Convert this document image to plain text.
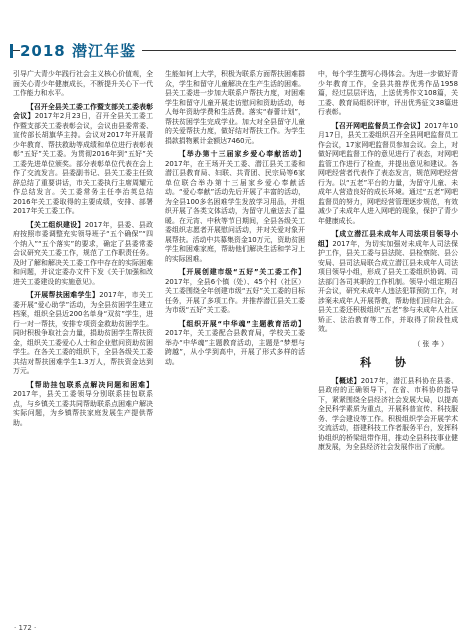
2018 潜江年鉴

引导广大青少年践行社会主义核心价值观，全面关心青少年健康成长，不断提升关心下一代工作能力和水平。

【召开全县关工委工作暨支部关工委表彰会议】2017年2月23日，召开全县关工委工作暨支部关工委表彰会议，会议由县委常委、宣传部长胡旗华主持。会议对2017年开展青少年教育、帮扶救助等成绩和单位进行表彰表彰“五好”关工委。为贯彻2016年到“五好”关工委先进单位颁奖。部分表彰单位代表在会上作了交流发言。县委副书记、县关工委主任致辞总结了重要讲话，市关工委执行主席周耀元作总结发言。关工委常务主任李治英总结2016年关工委取得的主要成绩，安排、部署2017年关工委工作。

【关工组织建设】2017年，县委、县政府按照市委调整充实领导班子“五个确保”“四个纳入”“五个落实”的要求，确定了县委常委会议研究关工委工作，规范了工作职责任务。及时了解和解决关工委工作中存在的实际困难和问题，并议定委办文件下发《关于加强和改进关工委建设的实施意见》。

【开展帮扶困难学生】2017年，市关工委开展“爱心助学”活动，为全县贫困学生建立档案，组织全县近200名单身“双贫”学生，进行一对一帮扶，安排专项资金救助贫困学生。同时积极争取社会力量，捐助贫困学生帮扶资金，组织关工委爱心人士和企业慰问资助贫困学生。在各关工委的组织下，全县各级关工委共结对帮扶困难学生1.3万人，帮扶资金达到万元。

【帮助挂包联系点解决问题和困难】2017年，县关工委领导分别联系挂包联系点，与乡镇关工委共同帮助联系点困难户解决实际问题，为乡镇帮扶家庭发展生产提供帮助。

生能如何上大学，积极为联系方面帮扶困难群众，学生和留守儿童解决在生产生活的困难。县关工委进一步加大联系户帮扶力度，对困难学生和留守儿童开展走访慰问和资助活动，每人每年资助学费和生活费。落实“春蕾计划”，帮扶贫困学生完成学业。加大对全县留守儿童的关爱帮扶力度，做好结对帮扶工作。为学生捐款捐物累计金额达7460元。

【举办第十三届家乡爱心奉献活动】2017年，在王场开关工委、潜江县关工委和潜江县教育局、妇联、共青团、民宗局等6家单位联合举办第十三届家乡爱心奉献活动。“爱心奉献”活动先后开展了丰富的活动，为全县100多名困难学生发放学习用品，并组织开展了各类文体活动，为留守儿童送去了温暖。在元宵、中秋等节日期间，全县各级关工委组织志愿者开展慰问活动，并对关爱对象开展帮扶。活动中共募集资金10万元，资助贫困学生和困难家庭，帮助他们解决生活和学习上的实际困难。

【开展创建市级“五好”关工委工作】2017年，全县6个镇（处）、45个村（社区）关工委围绕全年创建市级“五好”关工委的目标任务，开展了多项工作。并推荐潜江县关工委为市级“五好”关工委。

【组织开展“中华魂”主题教育活动】2017年，关工委配合县教育局，学校关工委举办“中华魂”主题教育活动，主题是“梦想与跨越”，从小学到高中，开展了形式多样的活动。

中，每个学生撰写心得体会。为进一步做好青少年教育工作，全县共推荐优秀作品1958篇，经过层层评选，上送优秀作文108篇，关工委、教育局组织评审，评出优秀征文38篇进行表彰。

【召开网吧监督员工作会议】2017年10月17日，县关工委组织召开全县网吧监督员工作会议，17家网吧监督员参加会议。会上，对做好网吧监督工作的意见进行了表态，对网吧监管工作进行了检查，并提出意见和建议。各网吧经营者代表作了表态发言，规范网吧经营行为。以“五老”平台的力量，为留守儿童、未成年人营造良好的成长环境。通过“五老”网吧监督员的努力，网吧经营管理逐步规范，有效减少了未成年人进入网吧的现象，保护了青少年健康成长。

【成立潜江县未成年人司法项目领导小组】2017年，为切实加强对未成年人司法保护工作，县关工委与县法院、县检察院、县公安局、县司法局联合成立潜江县未成年人司法项目领导小组，形成了县关工委组织协调、司法部门各司其职的工作机制。领导小组定期召开会议，研究未成年人违法犯罪预防工作，对涉案未成年人开展帮教，帮助他们回归社会。县关工委还积极组织“五老”参与未成年人社区矫正、法治教育等工作，并取得了阶段性成效。

（ 张 李 ）
科 协

【概述】2017年，潜江县科协在县委、县政府的正确领导下，在省、市科协的指导下，紧紧围绕全县经济社会发展大局，以提高全民科学素质为重点，开展科普宣传、科技服务、学会建设等工作。积极组织学会开展学术交流活动，搭建科技工作者服务平台，发挥科协组织的桥梁纽带作用，推动全县科技事业健康发展，为全县经济社会发展作出了贡献。

· 172 ·
